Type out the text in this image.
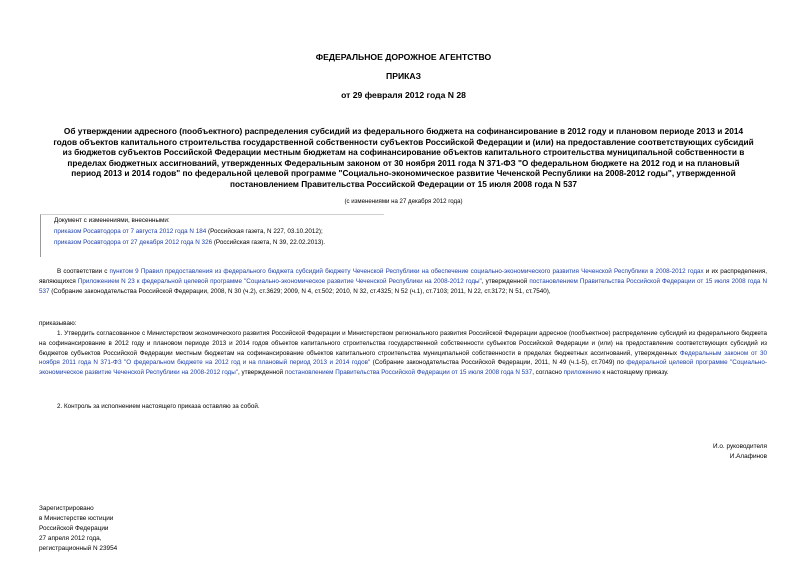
ФЕДЕРАЛЬНОЕ ДОРОЖНОЕ АГЕНТСТВО
ПРИКАЗ
от 29 февраля 2012 года N 28
Об утверждении адресного (пообъектного) распределения субсидий из федерального бюджета на софинансирование в 2012 году и плановом периоде 2013 и 2014 годов объектов капитального строительства государственной собственности субъектов Российской Федерации и (или) на предоставление соответствующих субсидий из бюджетов субъектов Российской Федерации местным бюджетам на софинансирование объектов капитального строительства муниципальной собственности в пределах бюджетных ассигнований, утвержденных Федеральным законом от 30 ноября 2011 года N 371-ФЗ "О федеральном бюджете на 2012 год и на плановый период 2013 и 2014 годов" по федеральной целевой программе "Социально-экономическое развитие Чеченской Республики на 2008-2012 годы", утвержденной постановлением Правительства Российской Федерации от 15 июля 2008 года N 537
(с изменениями на 27 декабря 2012 года)
Документ с изменениями, внесенными:
приказом Росавтодора от 7 августа 2012 года N 184 (Российская газета, N 227, 03.10.2012);
приказом Росавтодора от 27 декабря 2012 года N 326 (Российская газета, N 39, 22.02.2013).
В соответствии с пунктом 9 Правил предоставления из федерального бюджета субсидий бюджету Чеченской Республики на обеспечение социально-экономического развития Чеченской Республики в 2008-2012 годах и их распределения, являющихся Приложением N 23 к федеральной целевой программе "Социально-экономическое развитие Чеченской Республики на 2008-2012 годы", утвержденной постановлением Правительства Российской Федерации от 15 июля 2008 года N 537 (Собрание законодательства Российской Федерации, 2008, N 30 (ч.2), ст.3629; 2009, N 4, ст.502; 2010, N 32, ст.4325; N 52 (ч.1), ст.7103; 2011, N 22, ст.3172; N 51, ст.7540),
приказываю:
1. Утвердить согласованное с Министерством экономического развития Российской Федерации и Министерством регионального развития Российской Федерации адресное (пообъектное) распределение субсидий из федерального бюджета на софинансирование в 2012 году и плановом периоде 2013 и 2014 годов объектов капитального строительства государственной собственности субъектов Российской Федерации и (или) на предоставление соответствующих субсидий из бюджетов субъектов Российской Федерации местным бюджетам на софинансирование объектов капитального строительства муниципальной собственности в пределах бюджетных ассигнований, утвержденных Федеральным законом от 30 ноября 2011 года N 371-ФЗ "О федеральном бюджете на 2012 год и на плановый период 2013 и 2014 годов" (Собрание законодательства Российской Федерации, 2011, N 49 (ч.1-5), ст.7049) по федеральной целевой программе "Социально-экономическое развитие Чеченской Республики на 2008-2012 годы", утвержденной постановлением Правительства Российской Федерации от 15 июля 2008 года N 537, согласно приложению к настоящему приказу.
2. Контроль за исполнением настоящего приказа оставляю за собой.
И.о. руководителя
И.Алафинов
Зарегистрировано
в Министерстве юстиции
Российской Федерации
27 апреля 2012 года,
регистрационный N 23954
